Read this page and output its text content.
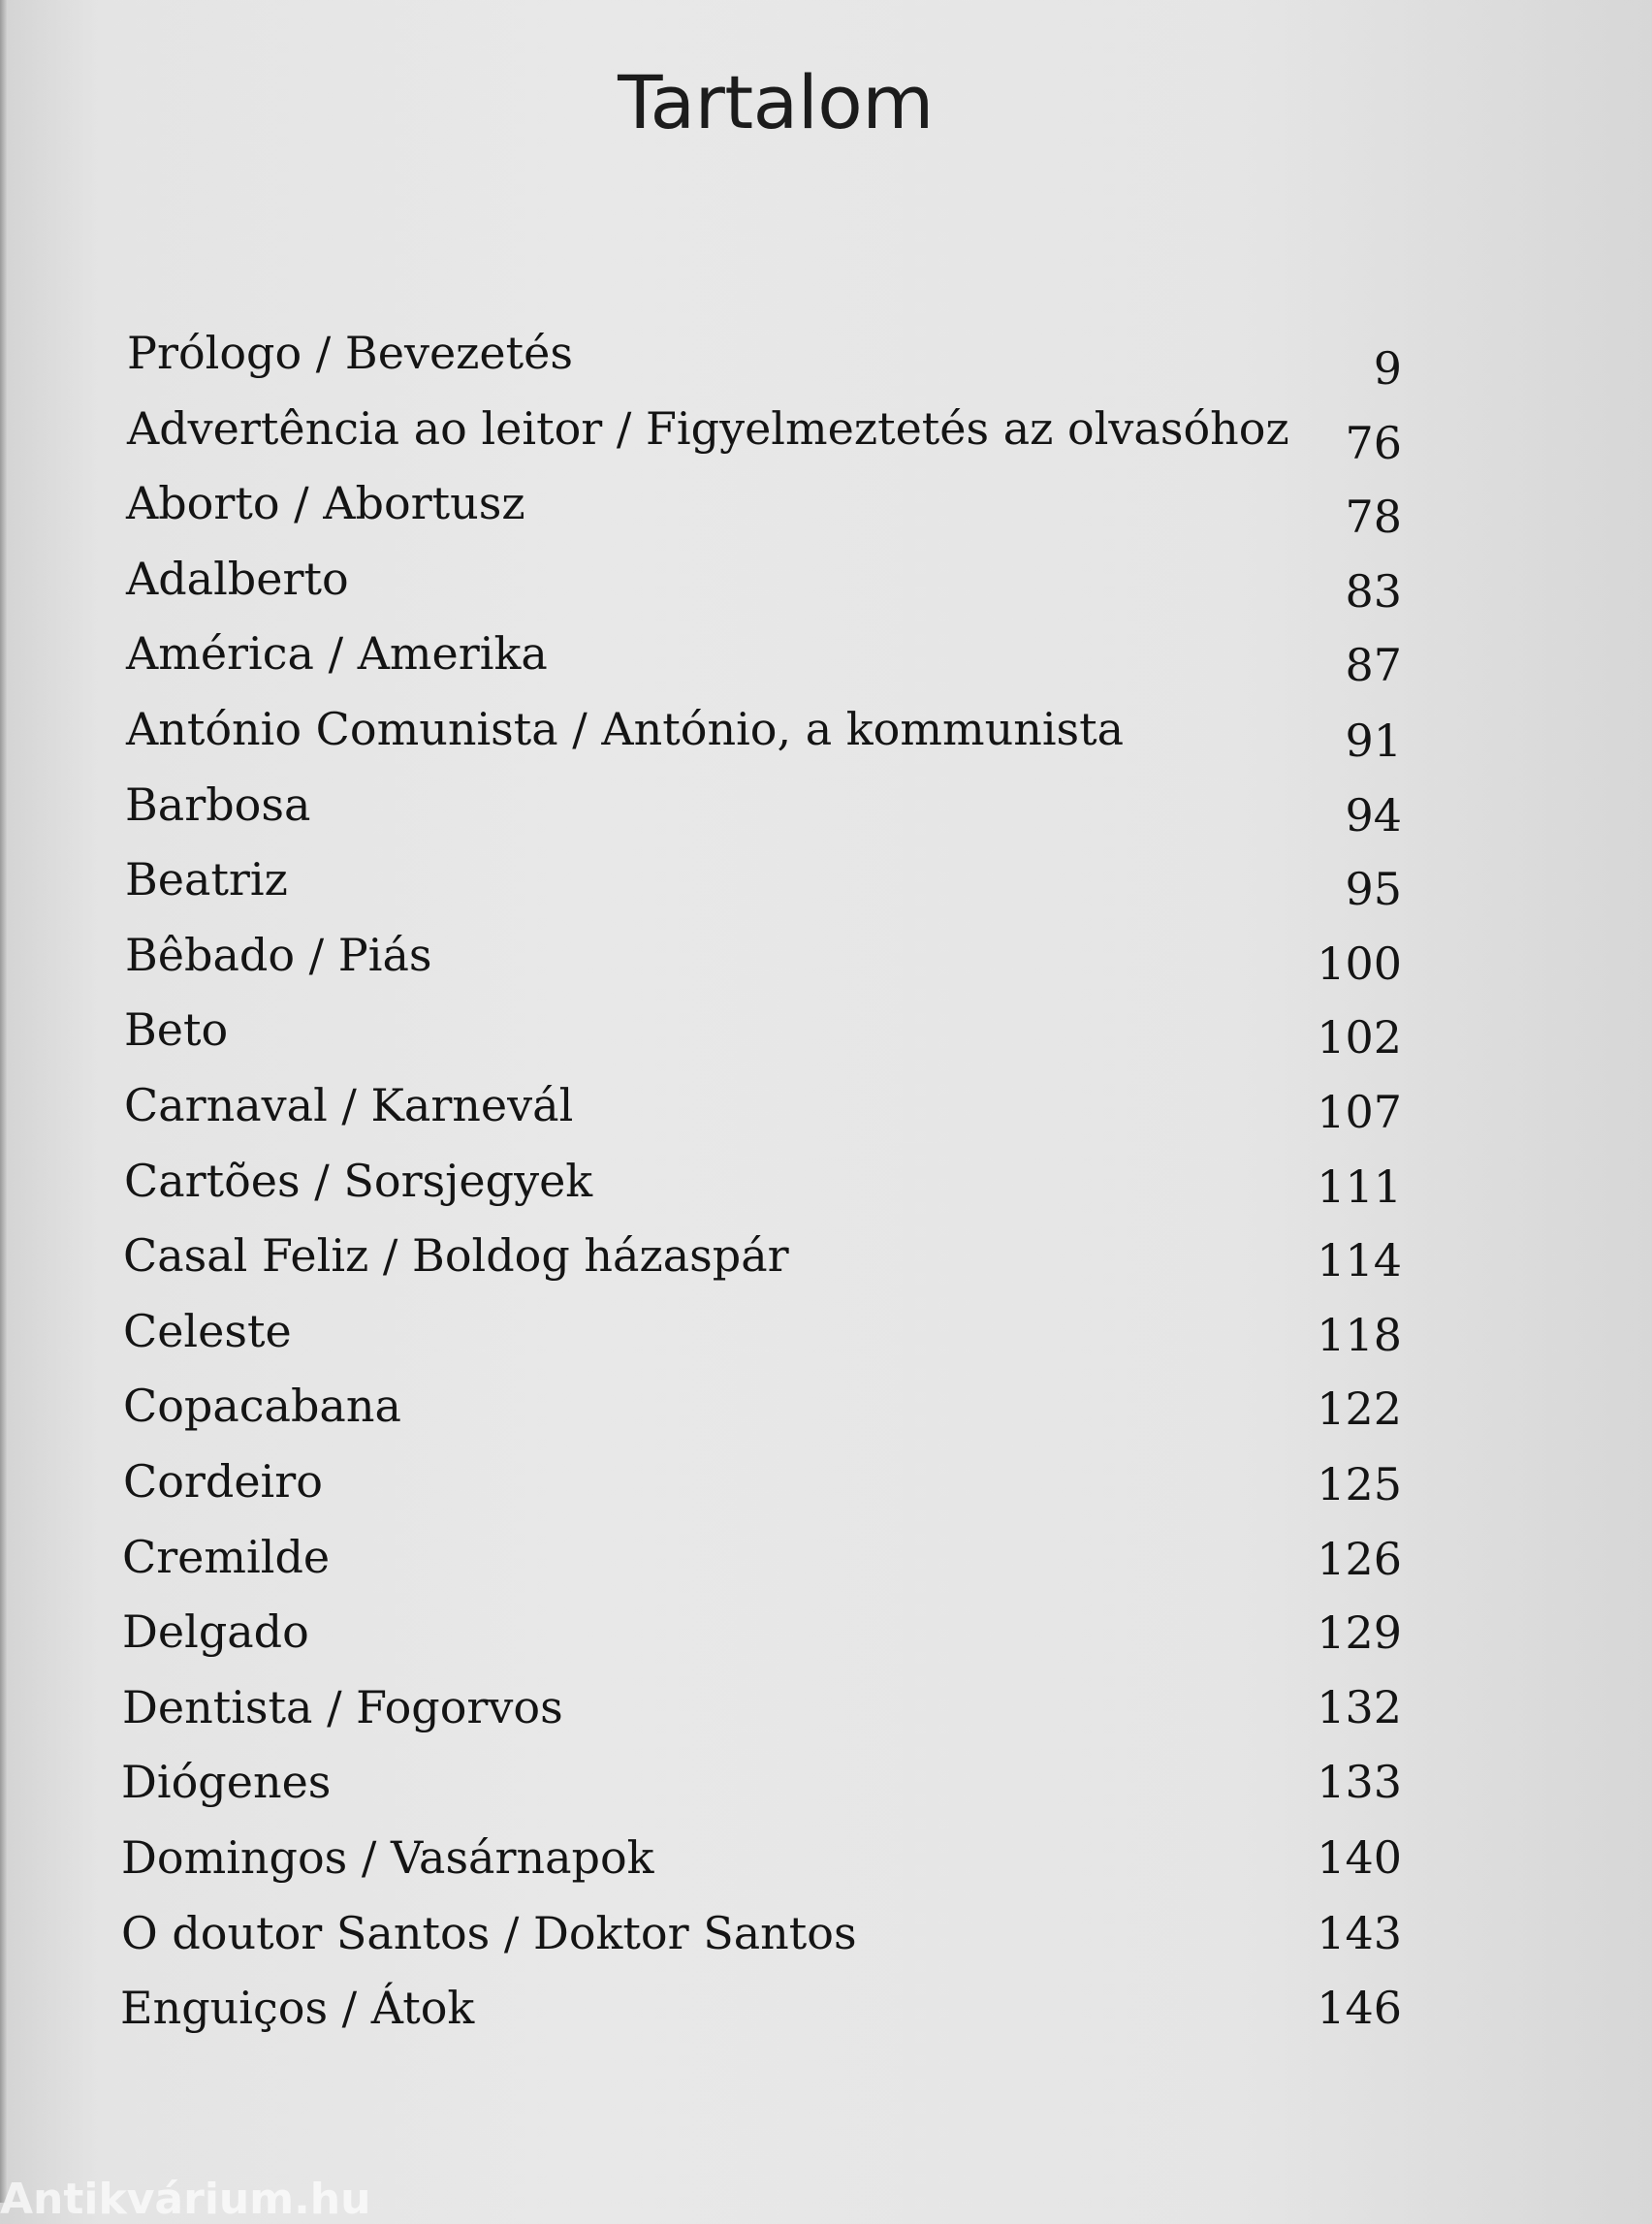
Tartalom
Prólogo / Bevezetés	9
Advertência ao leitor / Figyelmeztetés az olvasóhoz 76
Aborto / Abortusz	78
Adalberto	83
América / Amerika	87
António Comunista / António, a kommunista	91
Barbosa	94
Beatriz	95
Bêbado / Piás	100
Beto	102
Carnaval / Karnevál	107
Cartões / Sorsjegyek	111
Casal Feliz / Boldog házaspár	114
Celeste	118
Copacabana	122
Cordeiro	125
Cremilde	126
Delgado	129
Dentista / Fogorvos	132
Diógenes	133
Domingos / Vasárnapok	140
O doutor Santos / Doktor Santos	143
Enguiços / Átok	146
Antikvárium.hu
